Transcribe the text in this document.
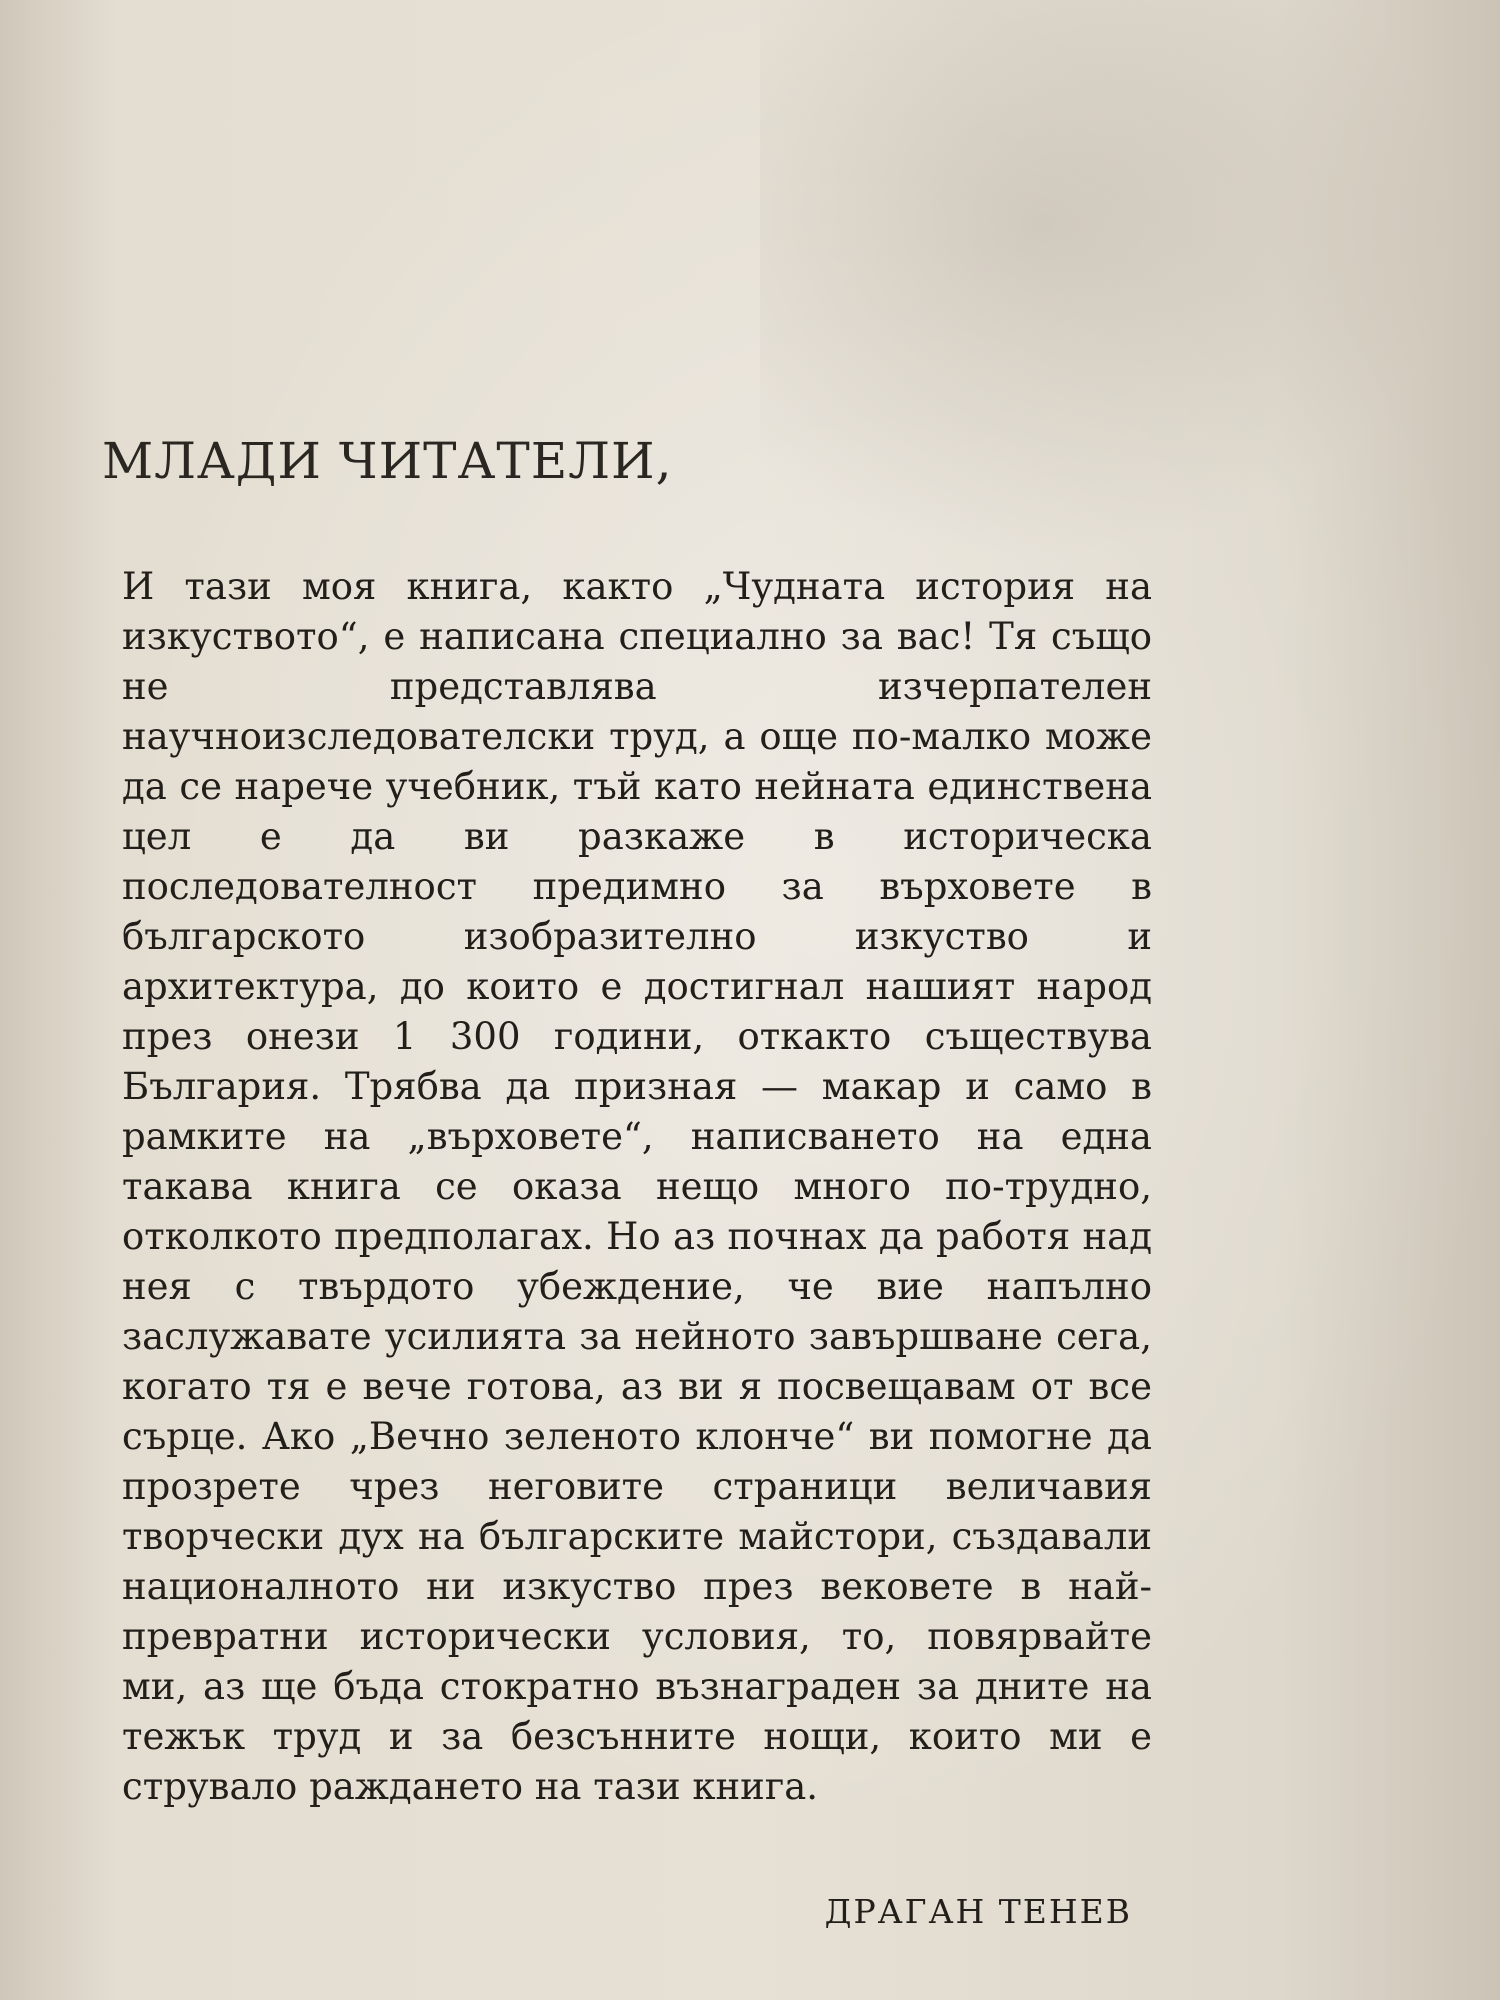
МЛАДИ ЧИТАТЕЛИ,

И тази моя книга, както „Чудната история на изкуството“, е написана специално за вас! Тя също не представлява изчерпателен научноизследователски труд, а още по-малко може да се нарече учебник, тъй като нейната единствена цел е да ви разкаже в историческа последователност предимно за върховете в българското изобразително изкуство и архитектура, до които е достигнал нашият народ през онези 1 300 години, откакто съществува България. Трябва да призная — макар и само в рамките на „върховете“, написването на една такава книга се оказа нещо много по-трудно, отколкото предполагах. Но аз почнах да работя над нея с твърдото убеждение, че вие напълно заслужавате усилията за нейното завършване сега, когато тя е вече готова, аз ви я посвещавам от все сърце. Ако „Вечно зеленото клонче“ ви помогне да прозрете чрез неговите страници величавия творчески дух на българските майстори, създавали националното ни изкуство през вековете в най-превратни исторически условия, то, повярвайте ми, аз ще бъда стократно възнаграден за дните на тежък труд и за безсънните нощи, които ми е струвало раждането на тази книга.

ДРАГАН ТЕНЕВ
